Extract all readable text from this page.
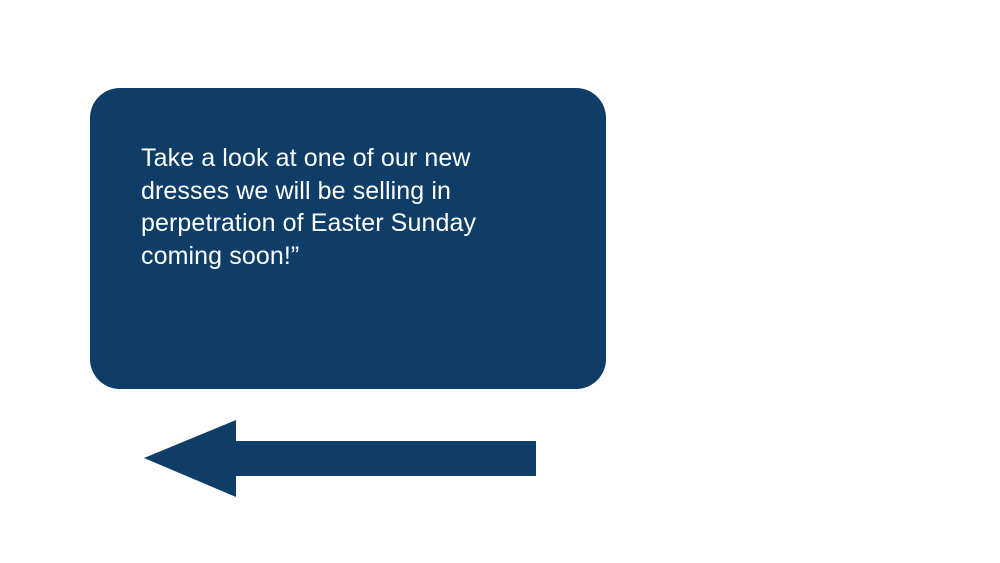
Take a look at one of our new dresses we will be selling in perpetration of Easter Sunday coming soon!”
